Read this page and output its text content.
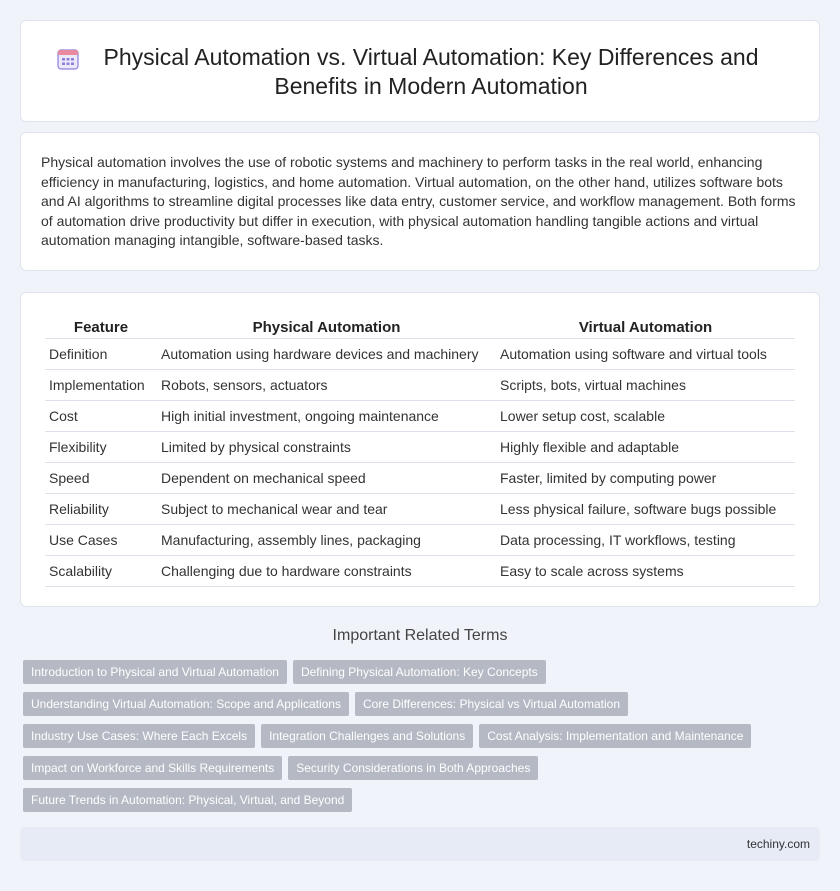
Physical Automation vs. Virtual Automation: Key Differences and Benefits in Modern Automation

Physical automation involves the use of robotic systems and machinery to perform tasks in the real world, enhancing efficiency in manufacturing, logistics, and home automation. Virtual automation, on the other hand, utilizes software bots and AI algorithms to streamline digital processes like data entry, customer service, and workflow management. Both forms of automation drive productivity but differ in execution, with physical automation handling tangible actions and virtual automation managing intangible, software-based tasks.

Feature	Physical Automation	Virtual Automation
Definition	Automation using hardware devices and machinery	Automation using software and virtual tools
Implementation	Robots, sensors, actuators	Scripts, bots, virtual machines
Cost	High initial investment, ongoing maintenance	Lower setup cost, scalable
Flexibility	Limited by physical constraints	Highly flexible and adaptable
Speed	Dependent on mechanical speed	Faster, limited by computing power
Reliability	Subject to mechanical wear and tear	Less physical failure, software bugs possible
Use Cases	Manufacturing, assembly lines, packaging	Data processing, IT workflows, testing
Scalability	Challenging due to hardware constraints	Easy to scale across systems
Important Related Terms
Introduction to Physical and Virtual Automation	Defining Physical Automation: Key Concepts
Understanding Virtual Automation: Scope and Applications	Core Differences: Physical vs Virtual Automation
Industry Use Cases: Where Each Excels	Integration Challenges and Solutions	Cost Analysis: Implementation and Maintenance
Impact on Workforce and Skills Requirements	Security Considerations in Both Approaches
Future Trends in Automation: Physical, Virtual, and Beyond
techiny.com
